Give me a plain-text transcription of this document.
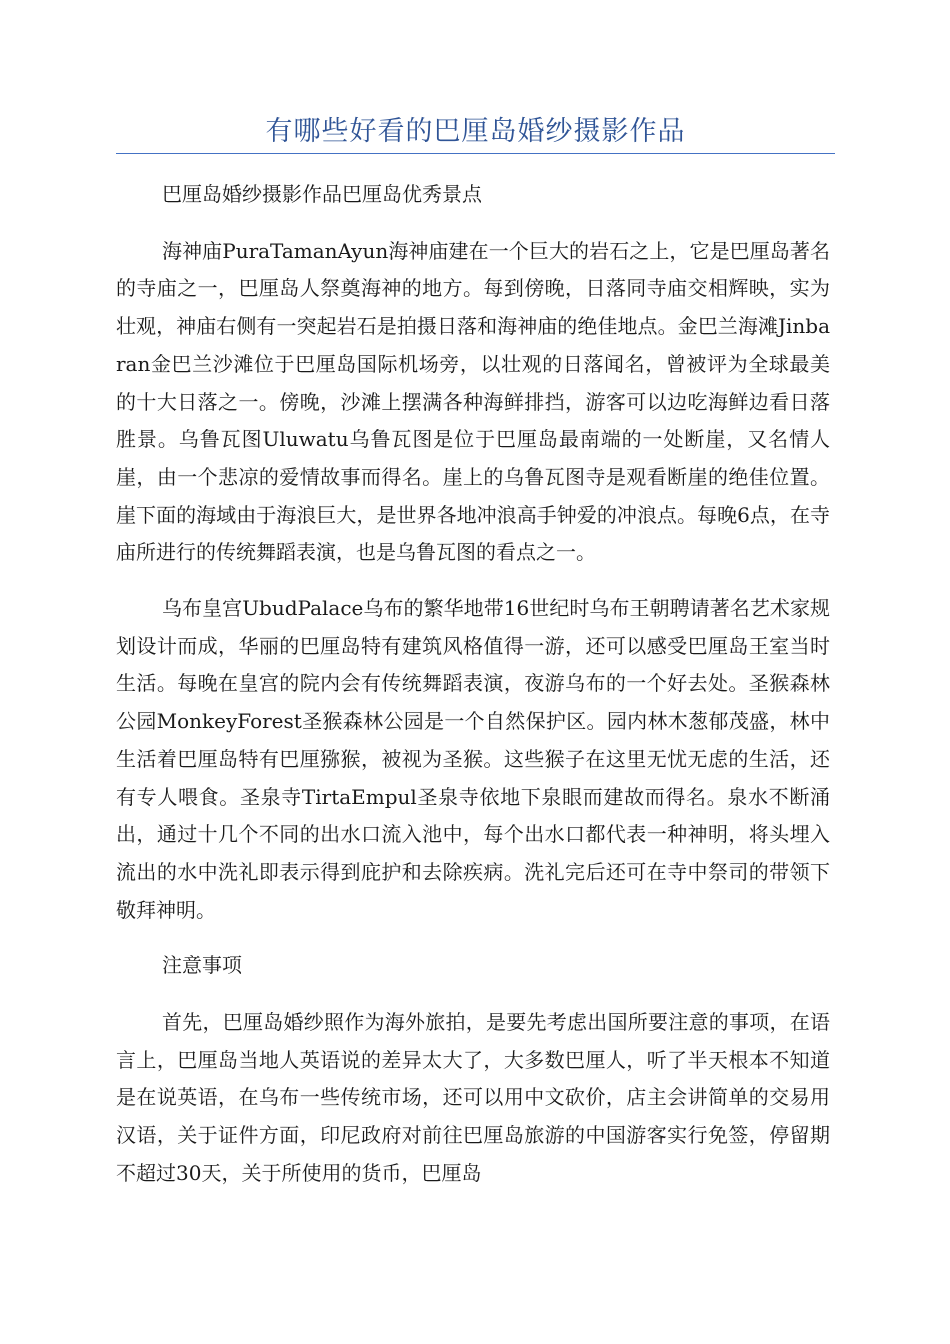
有哪些好看的巴厘岛婚纱摄影作品

巴厘岛婚纱摄影作品巴厘岛优秀景点

海神庙PuraTamanAyun海神庙建在一个巨大的岩石之上，它是巴厘岛著名的寺庙之一，巴厘岛人祭奠海神的地方。每到傍晚，日落同寺庙交相辉映，实为壮观，神庙右侧有一突起岩石是拍摄日落和海神庙的绝佳地点。金巴兰海滩Jinbaran金巴兰沙滩位于巴厘岛国际机场旁，以壮观的日落闻名，曾被评为全球最美的十大日落之一。傍晚，沙滩上摆满各种海鲜排挡，游客可以边吃海鲜边看日落胜景。乌鲁瓦图Uluwatu乌鲁瓦图是位于巴厘岛最南端的一处断崖，又名情人崖，由一个悲凉的爱情故事而得名。崖上的乌鲁瓦图寺是观看断崖的绝佳位置。崖下面的海域由于海浪巨大，是世界各地冲浪高手钟爱的冲浪点。每晚6点，在寺庙所进行的传统舞蹈表演，也是乌鲁瓦图的看点之一。

乌布皇宫UbudPalace乌布的繁华地带16世纪时乌布王朝聘请著名艺术家规划设计而成，华丽的巴厘岛特有建筑风格值得一游，还可以感受巴厘岛王室当时生活。每晚在皇宫的院内会有传统舞蹈表演，夜游乌布的一个好去处。圣猴森林公园MonkeyForest圣猴森林公园是一个自然保护区。园内林木葱郁茂盛，林中生活着巴厘岛特有巴厘猕猴，被视为圣猴。这些猴子在这里无忧无虑的生活，还有专人喂食。圣泉寺TirtaEmpul圣泉寺依地下泉眼而建故而得名。泉水不断涌出，通过十几个不同的出水口流入池中，每个出水口都代表一种神明，将头埋入流出的水中洗礼即表示得到庇护和去除疾病。洗礼完后还可在寺中祭司的带领下敬拜神明。

注意事项

首先，巴厘岛婚纱照作为海外旅拍，是要先考虑出国所要注意的事项，在语言上，巴厘岛当地人英语说的差异太大了，大多数巴厘人，听了半天根本不知道是在说英语，在乌布一些传统市场，还可以用中文砍价，店主会讲简单的交易用汉语，关于证件方面，印尼政府对前往巴厘岛旅游的中国游客实行免签，停留期不超过30天，关于所使用的货币，巴厘岛
